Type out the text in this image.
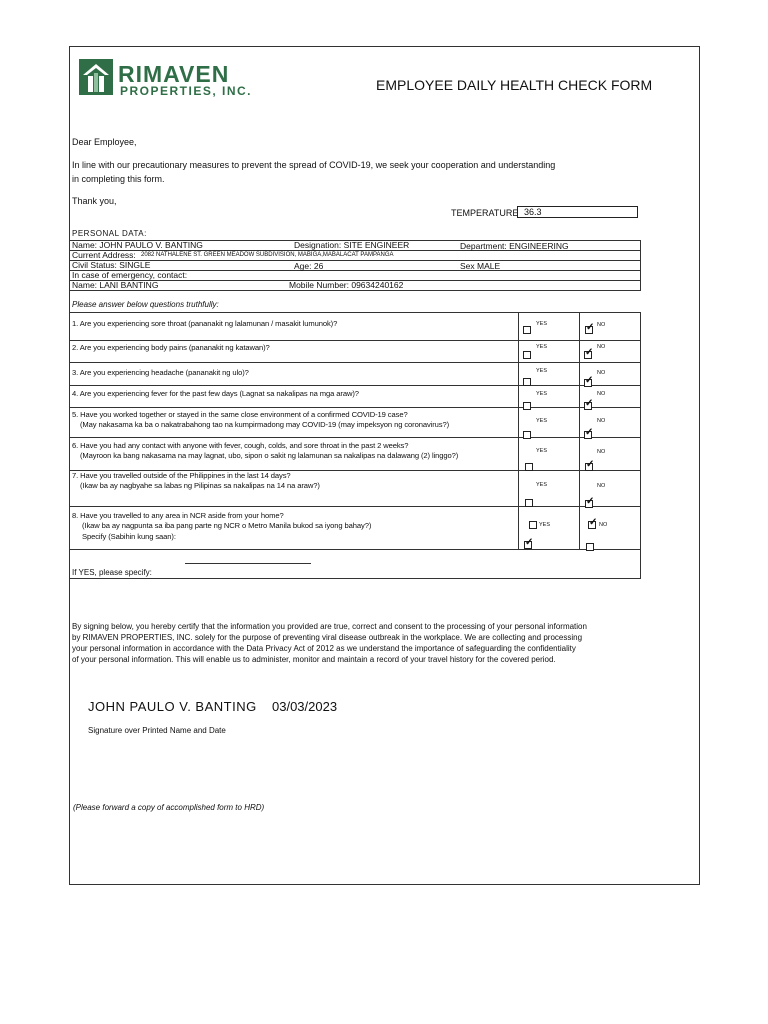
RIMAVEN
PROPERTIES, INC.	EMPLOYEE DAILY HEALTH CHECK FORM
Dear Employee,
In line with our precautionary measures to prevent the spread of COVID-19, we seek your cooperation and understanding
in completing this form.
Thank you,
TEMPERATURE 36.3
PERSONAL DATA:
Name: JOHN PAULO V. BANTING	Designation: SITE ENGINEER	Department: ENGINEERING
Current Address: 2082 NATHALENE ST. GREEN MEADOW SUBDIVISION, MABIGA,MABALACAT PAMPANGA
Civil Status: SINGLE	Age: 26	Sex MALE
In case of emergency, contact:
Name: LANI BANTING	Mobile Number: 09634240162
Please answer below questions truthfully:
1. Are you experiencing sore throat (pananakit ng lalamunan / masakit lumunok)?	YES	NO
✓
2. Are you experiencing body pains (pananakit ng katawan)?	YES	NO
✓
3. Are you experiencing headache (pananakit ng ulo)?	YES	NO
✓
4. Are you experiencing fever for the past few days (Lagnat sa nakalipas na mga araw)?	YES	NO
✓
5. Have you worked together or stayed in the same close environment of a confirmed COVID-19 case?
(May nakasama ka ba o nakatrabahong tao na kumpirmadong may COVID-19 (may impeksyon ng coronavirus?)	YES	NO
✓
6. Have you had any contact with anyone with fever, cough, colds, and sore throat in the past 2 weeks?
(Mayroon ka bang nakasama na may lagnat, ubo, sipon o sakit ng lalamunan sa nakalipas na dalawang (2) linggo?)	YES	NO
✓
7. Have you travelled outside of the Philippines in the last 14 days?
(Ikaw ba ay nagbyahe sa labas ng Pilipinas sa nakalipas na 14 na araw?)	YES	NO
✓
8. Have you travelled to any area in NCR aside from your home?
(Ikaw ba ay nagpunta sa iba pang parte ng NCR o Metro Manila bukod sa iyong bahay?)
Specify (Sabihin kung saan):
YES
✓	NO
✓
If YES, please specify:
By signing below, you hereby certify that the information you provided are true, correct and consent to the processing of your personal information
by RIMAVEN PROPERTIES, INC. solely for the purpose of preventing viral disease outbreak in the workplace. We are collecting and processing
your personal information in accordance with the Data Privacy Act of 2012 as we understand the importance of safeguarding the confidentiality
of your personal information. This will enable us to administer, monitor and maintain a record of your travel history for the covered period.
JOHN PAULO V. BANTING 03/03/2023
Signature over Printed Name and Date
(Please forward a copy of accomplished form to HRD)
